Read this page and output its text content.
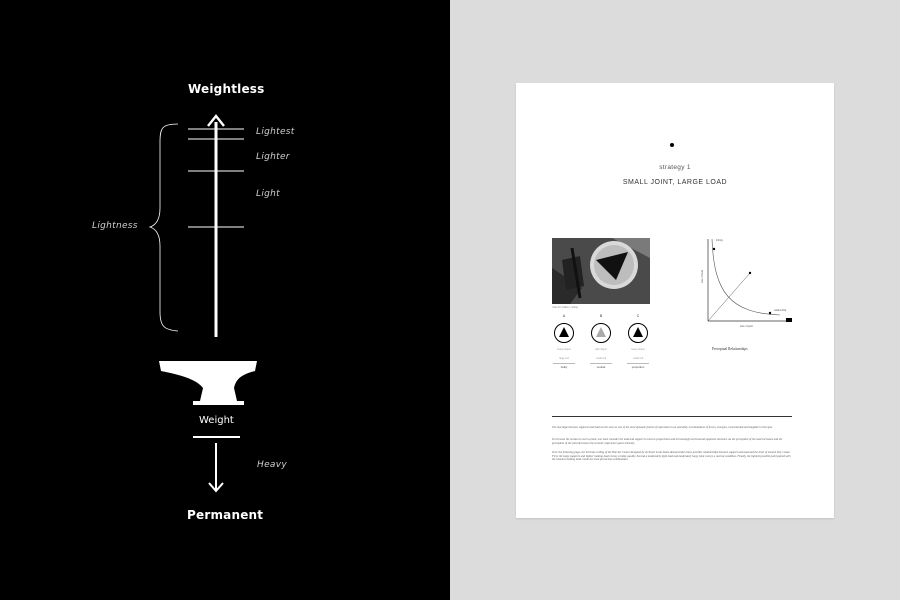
Weightless
Lightest
Lighter
Light
Lightness
Weight
Heavy
Permanent
strategy 1
SMALL JOINT, LARGE LOAD
Yale Art Gallery ceiling
A
heavy object
large cell
bulky
B
light object
small cell
neutral
C
heavy object
small cell
proportion
size of load
size of joint
infinity
relationship
Perceptual Relationships

The marriage between supports and load can be seen as one of the most dynamic points of expression in an assembly. A culmination of forces, energies, concentrated and tangible in this spot.

To increase the tension in such a point, one must consider the load and support to inverse proportions and increasingly tend towards opposite extremes. As the perception of the load increases and the perception of the joint decreases the tectonic experience gains intensity.

Over the following page, the intricate ceiling of the Yale Art Center designed by architect Louis Kahn demonstrates three possible relationships between support and load and the level of tension they create. First, the large supports and lighter looking load convey a bulky quality. Second a moderately light load and moderately large joint convey a neutral condition. Finally, the lightest possible point paired with the heaviest looking load create the most precarious combination.
